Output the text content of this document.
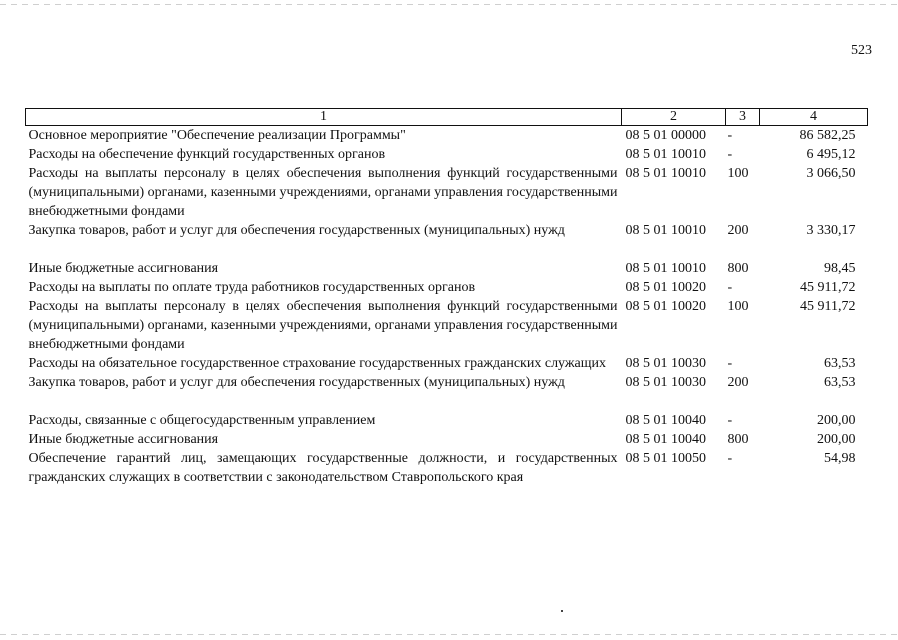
523
1	2	3	4
Основное мероприятие "Обеспечение реализации Программы"	08 5 01 00000	-	86 582,25
Расходы на обеспечение функций государственных органов	08 5 01 10010	-	6 495,12
Расходы на выплаты персоналу в целях обеспечения выполнения функций государственными (муниципальными) органами, казенными учреждениями, органами управления государственными внебюджетными фондами	08 5 01 10010	100	3 066,50
Закупка товаров, работ и услуг для обеспечения государственных (муниципальных) нужд	08 5 01 10010	200	3 330,17
Иные бюджетные ассигнования	08 5 01 10010	800	98,45
Расходы на выплаты по оплате труда работников государственных органов	08 5 01 10020	-	45 911,72
Расходы на выплаты персоналу в целях обеспечения выполнения функций государственными (муниципальными) органами, казенными учреждениями, органами управления государственными внебюджетными фондами	08 5 01 10020	100	45 911,72
Расходы на обязательное государственное страхование государственных гражданских служащих	08 5 01 10030	-	63,53
Закупка товаров, работ и услуг для обеспечения государственных (муниципальных) нужд	08 5 01 10030	200	63,53
Расходы, связанные с общегосударственным управлением	08 5 01 10040	-	200,00
Иные бюджетные ассигнования	08 5 01 10040	800	200,00
Обеспечение гарантий лиц, замещающих государственные должности, и государственных гражданских служащих в соответствии с законодательством Ставропольского края	08 5 01 10050	-	54,98
